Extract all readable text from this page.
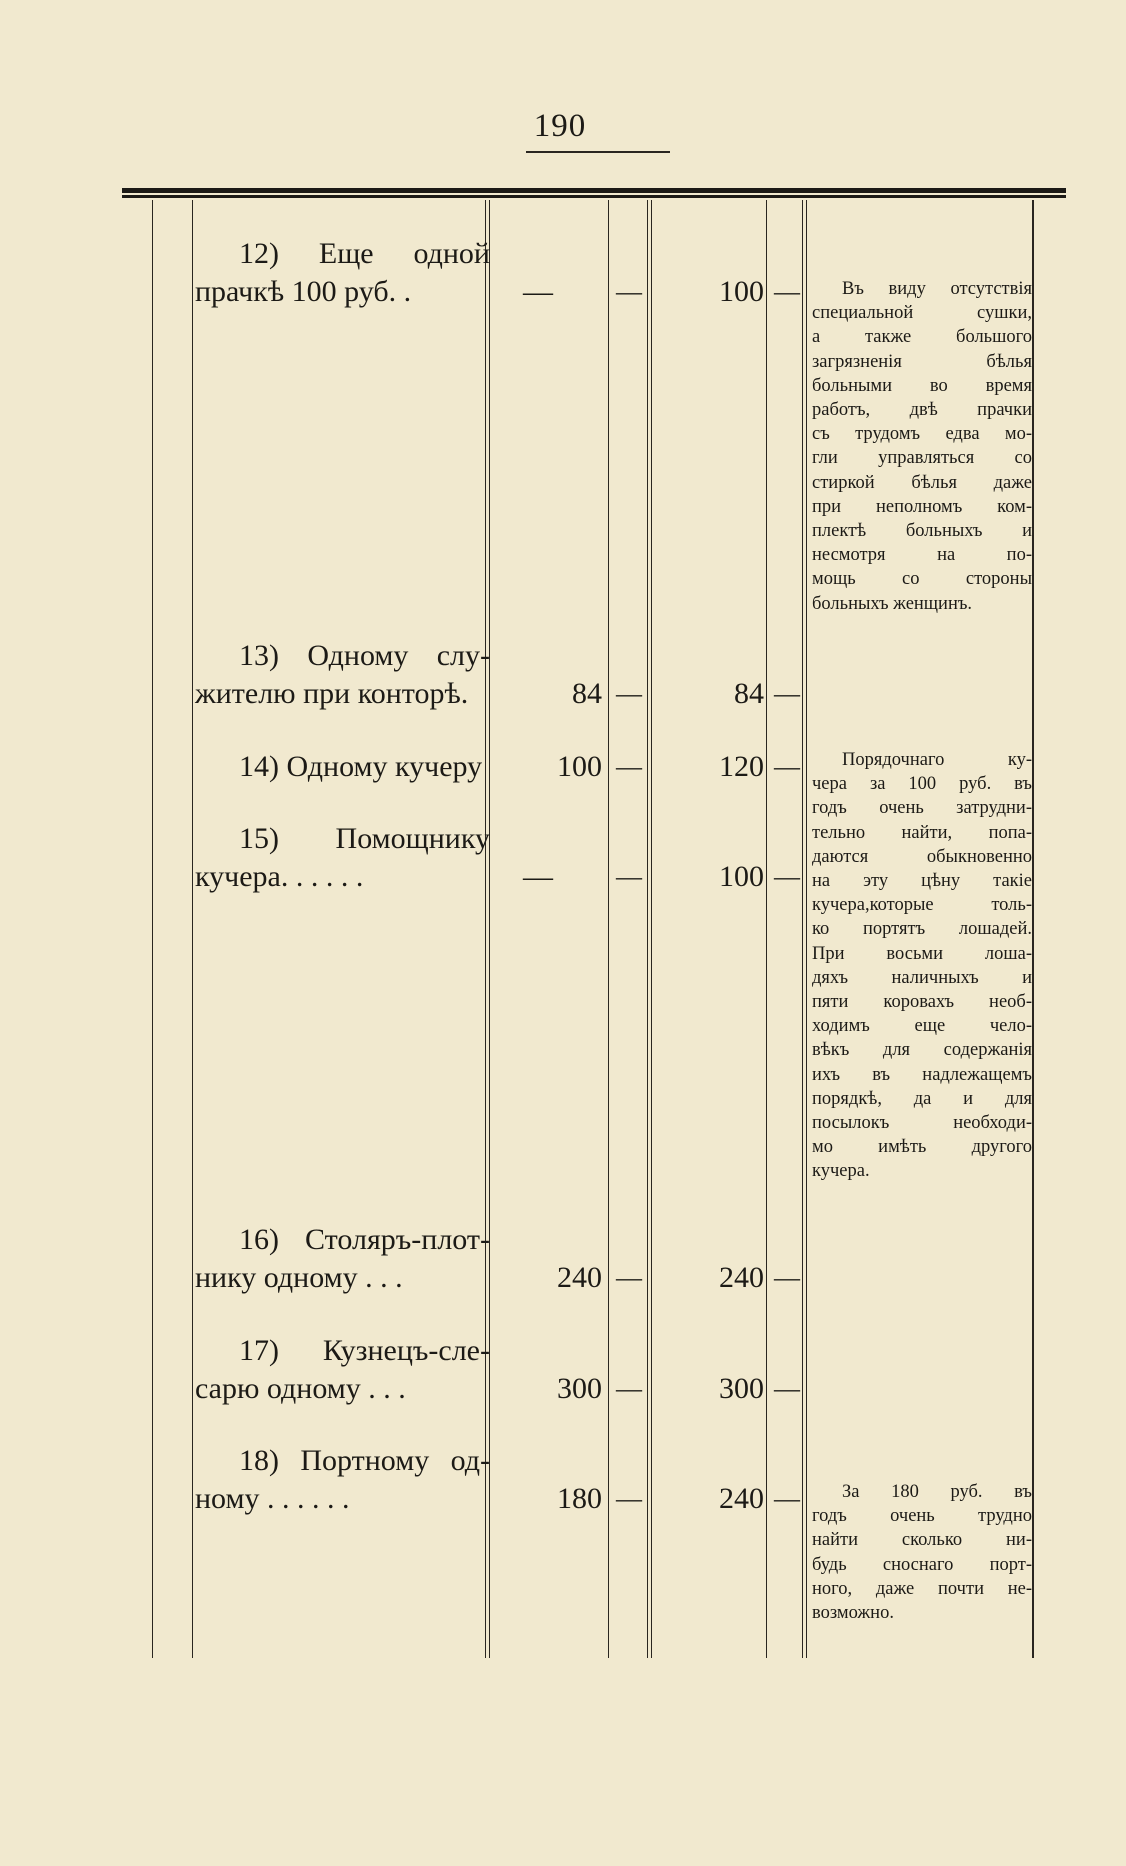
190
12) Еще одной
прачкѣ 100 руб. .	— —	100 —	Въ виду отсутствія
специальной сушки,
а также большого
загрязненія бѣлья
больными во время
работъ, двѣ прачки
съ трудомъ едва мо-
гли управляться со
стиркой бѣлья даже
при неполномъ ком-
плектѣ больныхъ и
несмотря на по-
мощь со стороны
больныхъ женщинъ.
13) Одному слу-
жителю при конторѣ.	84 —	84 —
14) Одному кучеру	100 —	120 —	Порядочнаго ку-
чера за 100 руб. въ
годъ очень затрудни-
тельно найти, попа-
даются обыкновенно
на эту цѣну такіе
кучера,которые толь-
ко портятъ лошадей.
При восьми лоша-
дяхъ наличныхъ и
пяти коровахъ необ-
ходимъ еще чело-
вѣкъ для содержанія
ихъ въ надлежащемъ
порядкѣ, да и для
посылокъ необходи-
мо имѣть другого
кучера.
15) Помощнику
кучера. . . . . .	— —	100 —
16) Столяръ-плот-
нику одному . . .	240 —	240 —
17) Кузнецъ-сле-
сарю одному . . .	300 —	300 —
18) Портному од-
ному . . . . . .	180 —	240 —	За 180 руб. въ
годъ очень трудно
найти сколько ни-
будь сноснаго порт-
ного, даже почти не-
возможно.
